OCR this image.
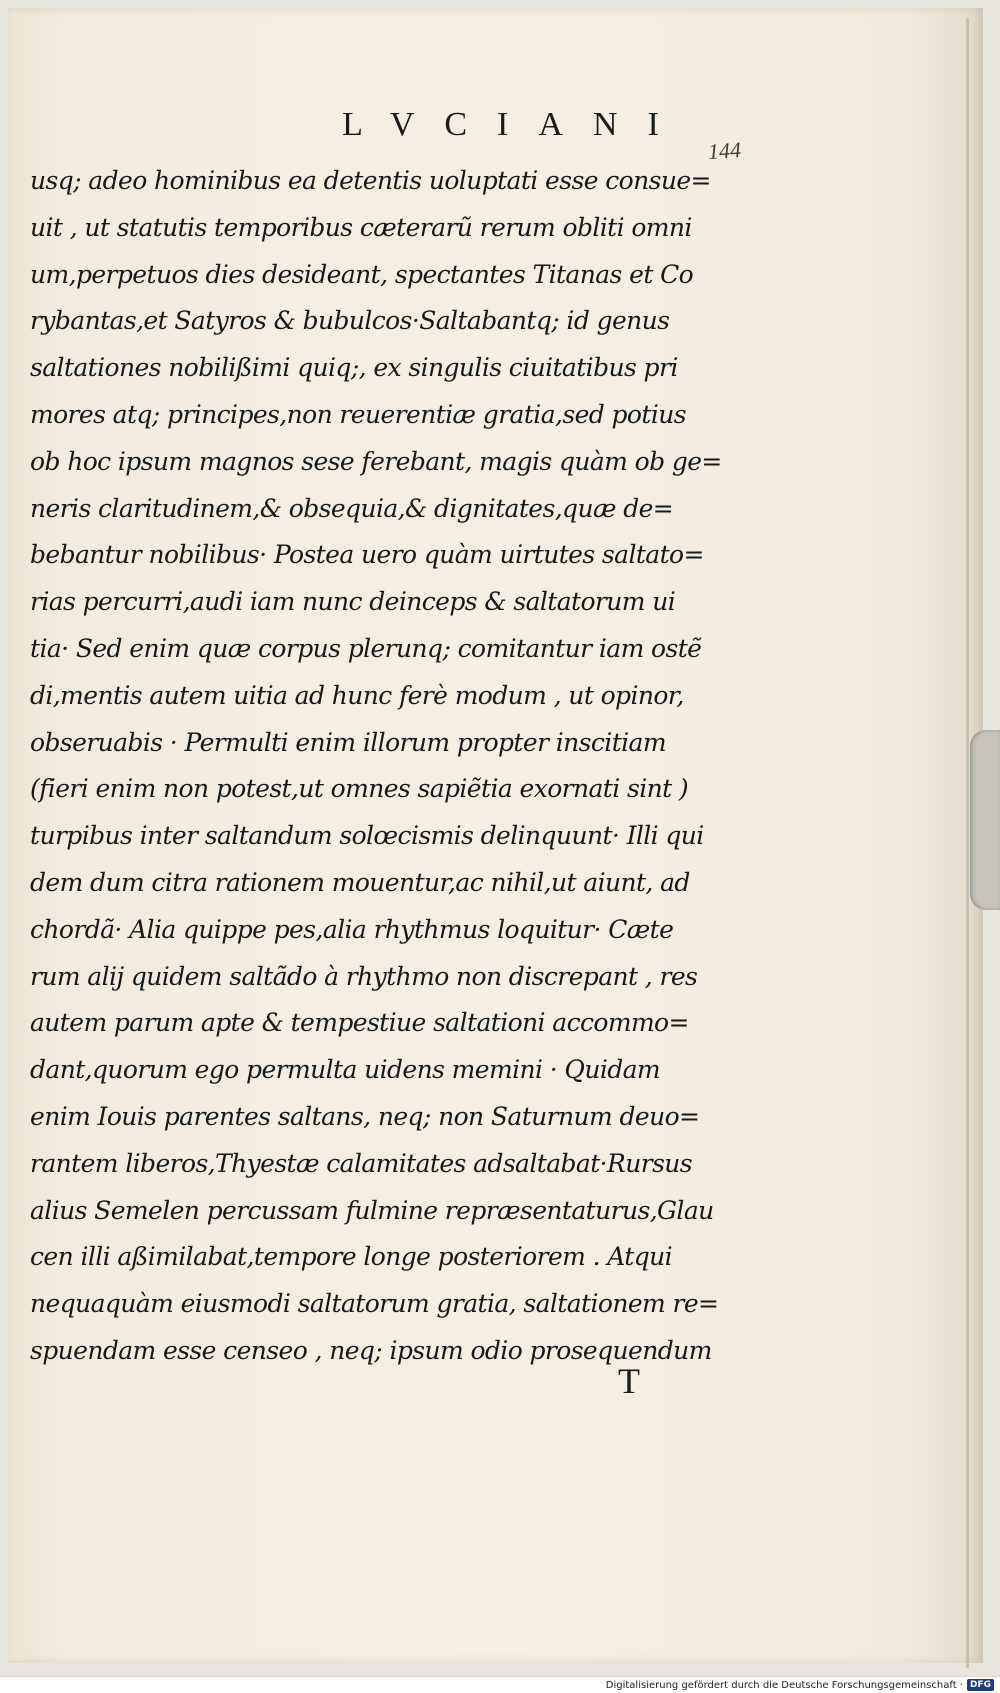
144
LVCIANI
usq; adeo hominibus ea detentis uoluptati esse consue=
uit , ut statutis temporibus cæterarũ rerum obliti omni
um,perpetuos dies desideant, spectantes Titanas et Co
rybantas,et Satyros & bubulcos·Saltabantq; id genus
saltationes nobilißimi quiq;, ex singulis ciuitatibus pri
mores atq; principes,non reuerentiæ gratia,sed potius
ob hoc ipsum magnos sese ferebant, magis quàm ob ge=
neris claritudinem,& obsequia,& dignitates,quæ de=
bebantur nobilibus· Postea uero quàm uirtutes saltato=
rias percurri,audi iam nunc deinceps & saltatorum ui
tia· Sed enim quæ corpus plerunq; comitantur iam ostẽ
di,mentis autem uitia ad hunc ferè modum , ut opinor,
obseruabis · Permulti enim illorum propter inscitiam
(fieri enim non potest,ut omnes sapiẽtia exornati sint )
turpibus inter saltandum solœcismis delinquunt· Illi qui
dem dum citra rationem mouentur,ac nihil,ut aiunt, ad
chordã· Alia quippe pes,alia rhythmus loquitur· Cæte
rum alij quidem saltãdo à rhythmo non discrepant , res
autem parum apte & tempestiue saltationi accommo=
dant,quorum ego permulta uidens memini · Quidam
enim Iouis parentes saltans, neq; non Saturnum deuo=
rantem liberos,Thyestæ calamitates adsaltabat·Rursus
alius Semelen percussam fulmine repræsentaturus,Glau
cen illi aßimilabat,tempore longe posteriorem . Atqui
nequaquàm eiusmodi saltatorum gratia, saltationem re=
spuendam esse censeo , neq; ipsum odio prosequendum
T
Digitalisierung gefördert durch die Deutsche Forschungsgemeinschaft · DFG
